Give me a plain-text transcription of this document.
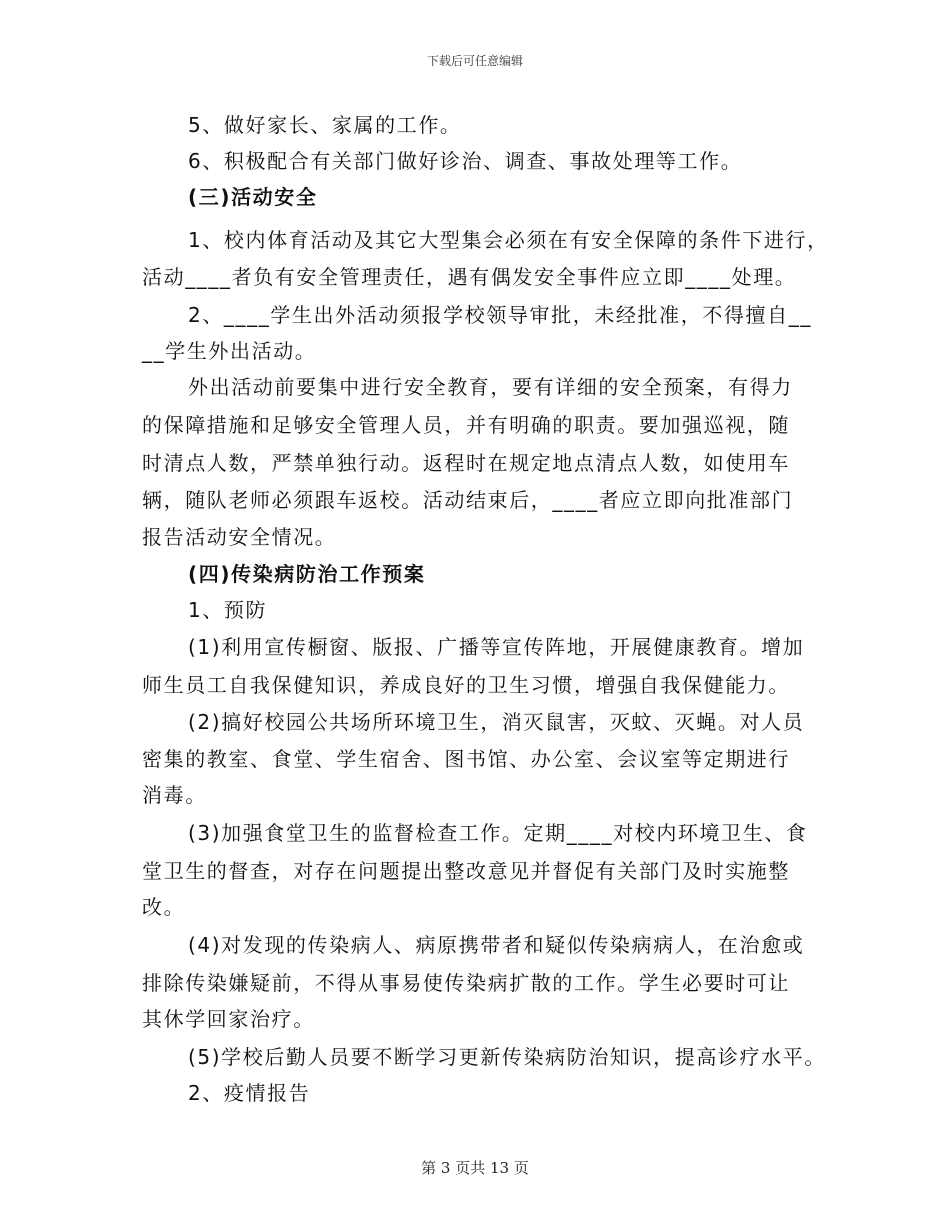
下载后可任意编辑
5、做好家长、家属的工作。
6、积极配合有关部门做好诊治、调查、事故处理等工作。
(三)活动安全
1、校内体育活动及其它大型集会必须在有安全保障的条件下进行，
活动____者负有安全管理责任，遇有偶发安全事件应立即____处理。
2、____学生出外活动须报学校领导审批，未经批准，不得擅自__
__学生外出活动。
外出活动前要集中进行安全教育，要有详细的安全预案，有得力
的保障措施和足够安全管理人员，并有明确的职责。要加强巡视，随
时清点人数，严禁单独行动。返程时在规定地点清点人数，如使用车
辆，随队老师必须跟车返校。活动结束后，____者应立即向批准部门
报告活动安全情况。
(四)传染病防治工作预案
1、预防
(1)利用宣传橱窗、版报、广播等宣传阵地，开展健康教育。增加
师生员工自我保健知识，养成良好的卫生习惯，增强自我保健能力。
(2)搞好校园公共场所环境卫生，消灭鼠害，灭蚊、灭蝇。对人员
密集的教室、食堂、学生宿舍、图书馆、办公室、会议室等定期进行
消毒。
(3)加强食堂卫生的监督检查工作。定期____对校内环境卫生、食
堂卫生的督查，对存在问题提出整改意见并督促有关部门及时实施整
改。
(4)对发现的传染病人、病原携带者和疑似传染病病人，在治愈或
排除传染嫌疑前，不得从事易使传染病扩散的工作。学生必要时可让
其休学回家治疗。
(5)学校后勤人员要不断学习更新传染病防治知识，提高诊疗水平。
2、疫情报告
第 3 页共 13 页
